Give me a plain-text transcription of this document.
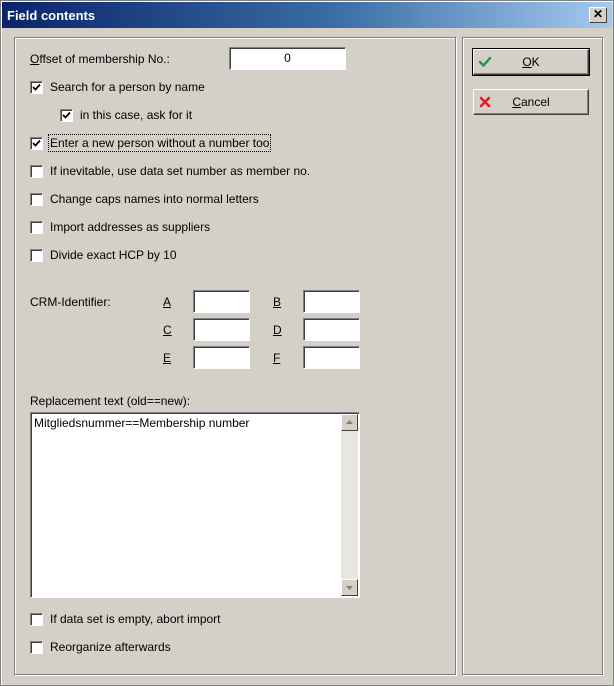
Field contents	✕
Offset of membership No.:	0
Search for a person by name
in this case, ask for it
Enter a new person without a number too
If inevitable, use data set number as member no.
Change caps names into normal letters
Import addresses as suppliers
Divide exact HCP by 10
CRM-Identifier:	A	B
C	D
E	F
Replacement text (old==new):
Mitgliedsnummer==Membership number
If data set is empty, abort import
Reorganize afterwards
OK
Cancel
